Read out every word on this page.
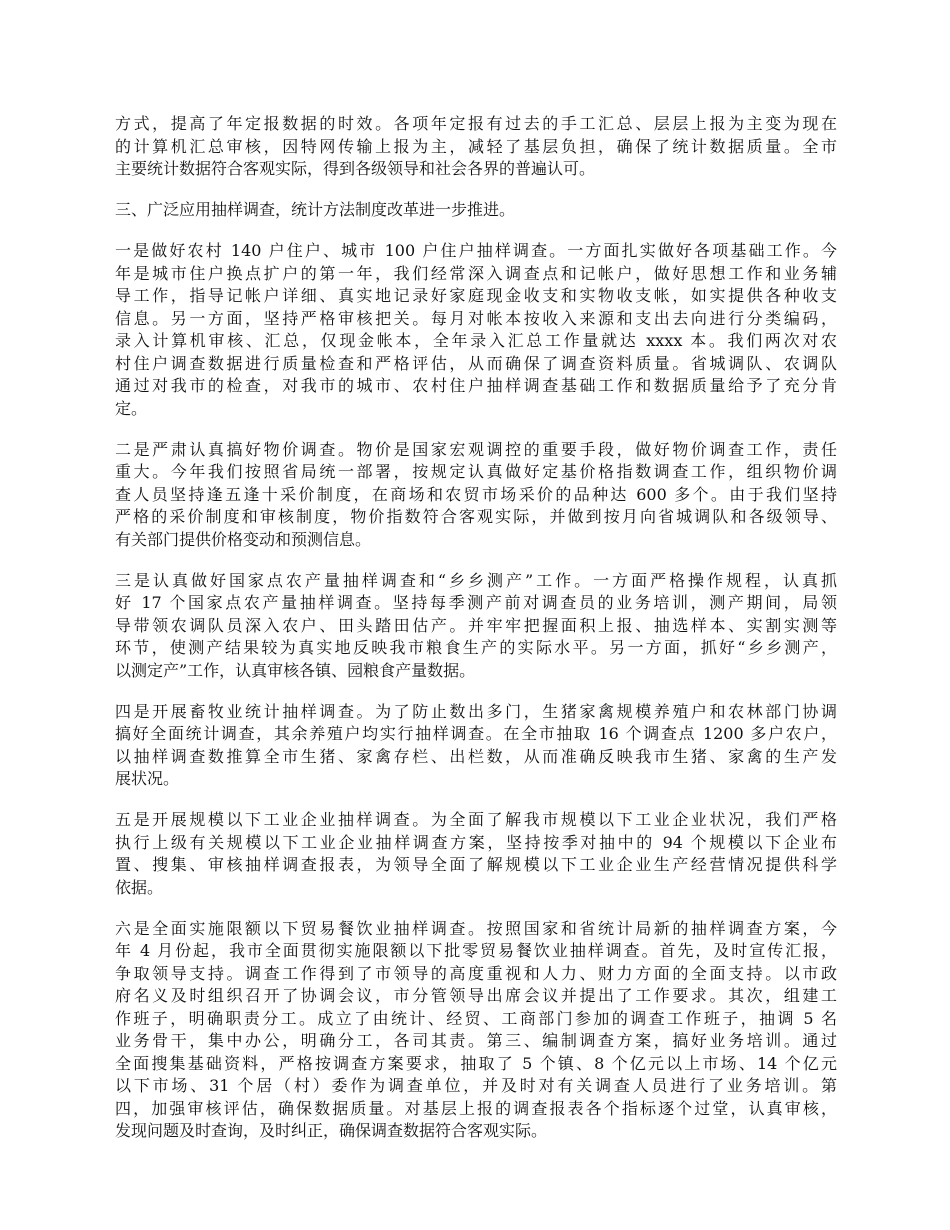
方式，提高了年定报数据的时效。各项年定报有过去的手工汇总、层层上报为主变为现在
的计算机汇总审核，因特网传输上报为主，减轻了基层负担，确保了统计数据质量。全市
主要统计数据符合客观实际，得到各级领导和社会各界的普遍认可。
三、广泛应用抽样调查，统计方法制度改革进一步推进。
一是做好农村 140 户住户、城市 100 户住户抽样调查。一方面扎实做好各项基础工作。今
年是城市住户换点扩户的第一年，我们经常深入调查点和记帐户，做好思想工作和业务辅
导工作，指导记帐户详细、真实地记录好家庭现金收支和实物收支帐，如实提供各种收支
信息。另一方面，坚持严格审核把关。每月对帐本按收入来源和支出去向进行分类编码，
录入计算机审核、汇总，仅现金帐本，全年录入汇总工作量就达 xxxx 本。我们两次对农
村住户调查数据进行质量检查和严格评估，从而确保了调查资料质量。省城调队、农调队
通过对我市的检查，对我市的城市、农村住户抽样调查基础工作和数据质量给予了充分肯
定。
二是严肃认真搞好物价调查。物价是国家宏观调控的重要手段，做好物价调查工作，责任
重大。今年我们按照省局统一部署，按规定认真做好定基价格指数调查工作，组织物价调
查人员坚持逢五逢十采价制度，在商场和农贸市场采价的品种达 600 多个。由于我们坚持
严格的采价制度和审核制度，物价指数符合客观实际，并做到按月向省城调队和各级领导、
有关部门提供价格变动和预测信息。
三是认真做好国家点农产量抽样调查和“乡乡测产”工作。一方面严格操作规程，认真抓
好 17 个国家点农产量抽样调查。坚持每季测产前对调查员的业务培训，测产期间，局领
导带领农调队员深入农户、田头踏田估产。并牢牢把握面积上报、抽选样本、实割实测等
环节，使测产结果较为真实地反映我市粮食生产的实际水平。另一方面，抓好“乡乡测产，
以测定产”工作，认真审核各镇、园粮食产量数据。
四是开展畜牧业统计抽样调查。为了防止数出多门，生猪家禽规模养殖户和农林部门协调
搞好全面统计调查，其余养殖户均实行抽样调查。在全市抽取 16 个调查点 1200 多户农户，
以抽样调查数推算全市生猪、家禽存栏、出栏数，从而准确反映我市生猪、家禽的生产发
展状况。
五是开展规模以下工业企业抽样调查。为全面了解我市规模以下工业企业状况，我们严格
执行上级有关规模以下工业企业抽样调查方案，坚持按季对抽中的 94 个规模以下企业布
置、搜集、审核抽样调查报表，为领导全面了解规模以下工业企业生产经营情况提供科学
依据。
六是全面实施限额以下贸易餐饮业抽样调查。按照国家和省统计局新的抽样调查方案，今
年 4 月份起，我市全面贯彻实施限额以下批零贸易餐饮业抽样调查。首先，及时宣传汇报，
争取领导支持。调查工作得到了市领导的高度重视和人力、财力方面的全面支持。以市政
府名义及时组织召开了协调会议，市分管领导出席会议并提出了工作要求。其次，组建工
作班子，明确职责分工。成立了由统计、经贸、工商部门参加的调查工作班子，抽调 5 名
业务骨干，集中办公，明确分工，各司其责。第三、编制调查方案，搞好业务培训。通过
全面搜集基础资料，严格按调查方案要求，抽取了 5 个镇、8 个亿元以上市场、14 个亿元
以下市场、31 个居（村）委作为调查单位，并及时对有关调查人员进行了业务培训。第
四，加强审核评估，确保数据质量。对基层上报的调查报表各个指标逐个过堂，认真审核，
发现问题及时查询，及时纠正，确保调查数据符合客观实际。
